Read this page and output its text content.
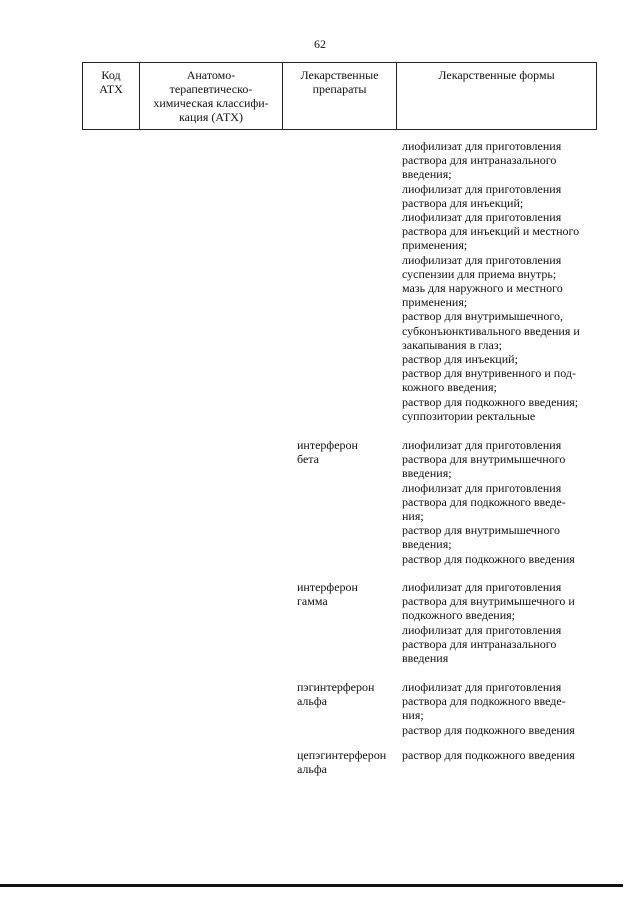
62
Код
АТХ
Анатомо-
терапевтическо-
химическая классифи-
кация (АТХ)
Лекарственные
препараты
Лекарственные формы
лиофилизат для приготовления
раствора для интраназального
введения;
лиофилизат для приготовления
раствора для инъекций;
лиофилизат для приготовления
раствора для инъекций и местного
применения;
лиофилизат для приготовления
суспензии для приема внутрь;
мазь для наружного и местного
применения;
раствор для внутримышечного,
субконъюнктивального введения и
закапывания в глаз;
раствор для инъекций;
раствор для внутривенного и под-
кожного введения;
раствор для подкожного введения;
суппозитории ректальные
интерферон
бета
лиофилизат для приготовления
раствора для внутримышечного
введения;
лиофилизат для приготовления
раствора для подкожного введе-
ния;
раствор для внутримышечного
введения;
раствор для подкожного введения
интерферон
гамма
лиофилизат для приготовления
раствора для внутримышечного и
подкожного введения;
лиофилизат для приготовления
раствора для интраназального
введения
пэгинтерферон
альфа
лиофилизат для приготовления
раствора для подкожного введе-
ния;
раствор для подкожного введения
цепэгинтерферон
альфа
раствор для подкожного введения
